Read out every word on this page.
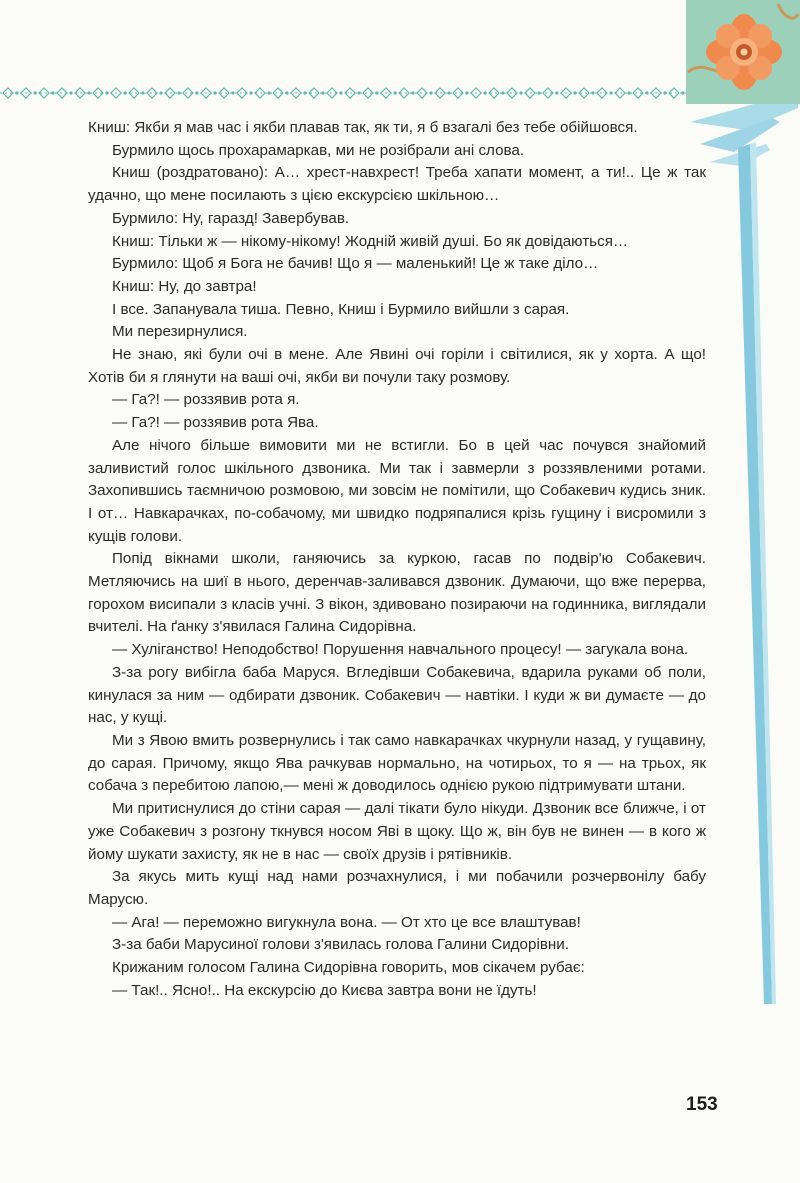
Книш: Якби я мав час і якби плавав так, як ти, я б взагалі без тебе обійшовся.

Бурмило щось прохарамаркав, ми не розібрали ані слова.

Книш (роздратовано): А… хрест-навхрест! Треба хапати момент, а ти!.. Це ж так удачно, що мене посилають з цією екскурсією шкільною…

Бурмило: Ну, гаразд! Завербував.

Книш: Тільки ж — нікому-нікому! Жодній живій душі. Бо як довідаються…

Бурмило: Щоб я Бога не бачив! Що я — маленький! Це ж таке діло…

Книш: Ну, до завтра!

І все. Запанувала тиша. Певно, Книш і Бурмило вийшли з сарая.

Ми перезирнулися.

Не знаю, які були очі в мене. Але Явині очі горіли і світилися, як у хорта. А що! Хотів би я глянути на ваші очі, якби ви почули таку розмову.

— Га?! — роззявив рота я.

— Га?! — роззявив рота Ява.

Але нічого більше вимовити ми не встигли. Бо в цей час почувся знайомий заливистий голос шкільного дзвоника. Ми так і завмерли з роззявленими ротами. Захопившись таємничою розмовою, ми зовсім не помітили, що Собакевич кудись зник. І от… Навкарачках, по-собачому, ми швидко подряпалися крізь гущину і висромили з кущів голови.

Попід вікнами школи, ганяючись за куркою, гасав по подвір'ю Собакевич. Метляючись на шиї в нього, деренчав-заливався дзвоник. Думаючи, що вже перерва, горохом висипали з класів учні. З вікон, здивовано позираючи на годинника, виглядали вчителі. На ґанку з'явилася Галина Сидорівна.

— Хуліганство! Неподобство! Порушення навчального процесу! — загукала вона.

З-за рогу вибігла баба Маруся. Вгледівши Собакевича, вдарила руками об поли, кинулася за ним — одбирати дзвоник. Собакевич — навтіки. І куди ж ви думаєте — до нас, у кущі.

Ми з Явою вмить розвернулись і так само навкарачках чкурнули назад, у гущавину, до сарая. Причому, якщо Ява рачкував нормально, на чотирьох, то я — на трьох, як собача з перебитою лапою,— мені ж доводилось однією рукою підтримувати штани.

Ми притиснулися до стіни сарая — далі тікати було нікуди. Дзвоник все ближче, і от уже Собакевич з розгону ткнувся носом Яві в щоку. Що ж, він був не винен — в кого ж йому шукати захисту, як не в нас — своїх друзів і рятівників.

За якусь мить кущі над нами розчахнулися, і ми побачили розчервонілу бабу Марусю.

— Ага! — переможно вигукнула вона. — От хто це все влаштував!

З-за баби Марусиної голови з'явилась голова Галини Сидорівни.

Крижаним голосом Галина Сидорівна говорить, мов сікачем рубає:

— Так!.. Ясно!.. На екскурсію до Києва завтра вони не їдуть!

153
